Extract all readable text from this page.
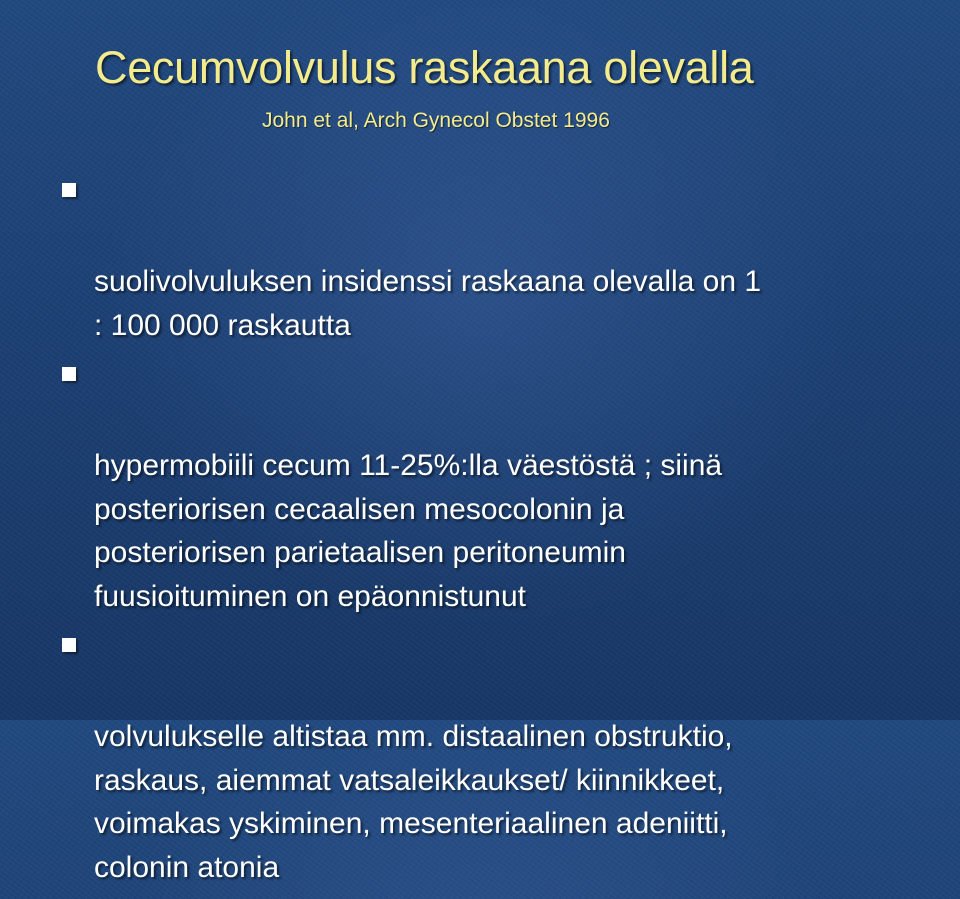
Cecumvolvulus raskaana olevalla

John et al, Arch Gynecol Obstet 1996

suolivolvuluksen insidenssi raskaana olevalla on 1
: 100 000 raskautta

hypermobiili cecum 11-25%:lla väestöstä ; siinä
posteriorisen cecaalisen mesocolonin ja
posteriorisen parietaalisen peritoneumin
fuusioituminen on epäonnistunut

volvulukselle altistaa mm. distaalinen obstruktio,
raskaus, aiemmat vatsaleikkaukset/ kiinnikkeet,
voimakas yskiminen, mesenteriaalinen adeniitti,
colonin atonia
